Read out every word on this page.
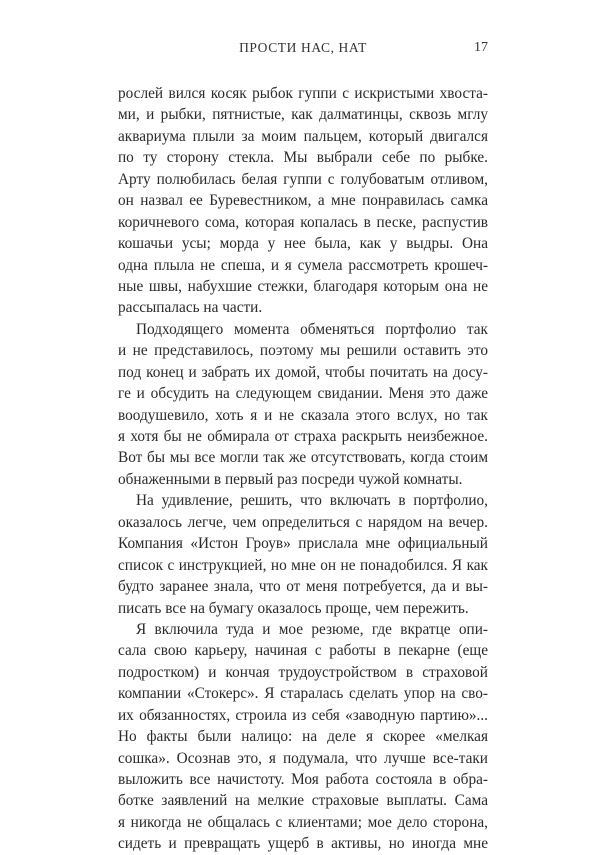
ПРОСТИ НАС, НАТ	17
рослей вился косяк рыбок гуппи с искристыми хвоста-
ми, и рыбки, пятнистые, как далматинцы, сквозь мглу
аквариума плыли за моим пальцем, который двигался
по ту сторону стекла. Мы выбрали себе по рыбке.
Арту полюбилась белая гуппи с голубоватым отливом,
он назвал ее Буревестником, а мне понравилась самка
коричневого сома, которая копалась в песке, распустив
кошачьи усы; морда у нее была, как у выдры. Она
одна плыла не спеша, и я сумела рассмотреть крошеч-
ные швы, набухшие стежки, благодаря которым она не
рассыпалась на части.
Подходящего момента обменяться портфолио так
и не представилось, поэтому мы решили оставить это
под конец и забрать их домой, чтобы почитать на досу-
ге и обсудить на следующем свидании. Меня это даже
воодушевило, хоть я и не сказала этого вслух, но так
я хотя бы не обмирала от страха раскрыть неизбежное.
Вот бы мы все могли так же отсутствовать, когда стоим
обнаженными в первый раз посреди чужой комнаты.
На удивление, решить, что включать в портфолио,
оказалось легче, чем определиться с нарядом на вечер.
Компания «Истон Гроув» прислала мне официальный
список с инструкцией, но мне он не понадобился. Я как
будто заранее знала, что от меня потребуется, да и вы-
писать все на бумагу оказалось проще, чем пережить.
Я включила туда и мое резюме, где вкратце опи-
сала свою карьеру, начиная с работы в пекарне (еще
подростком) и кончая трудоустройством в страховой
компании «Стокерс». Я старалась сделать упор на сво-
их обязанностях, строила из себя «заводную партию»...
Но факты были налицо: на деле я скорее «мелкая
сошка». Осознав это, я подумала, что лучше все-таки
выложить все начистоту. Моя работа состояла в обра-
ботке заявлений на мелкие страховые выплаты. Сама
я никогда не общалась с клиентами; мое дело сторона,
сидеть и превращать ущерб в активы, но иногда мне
